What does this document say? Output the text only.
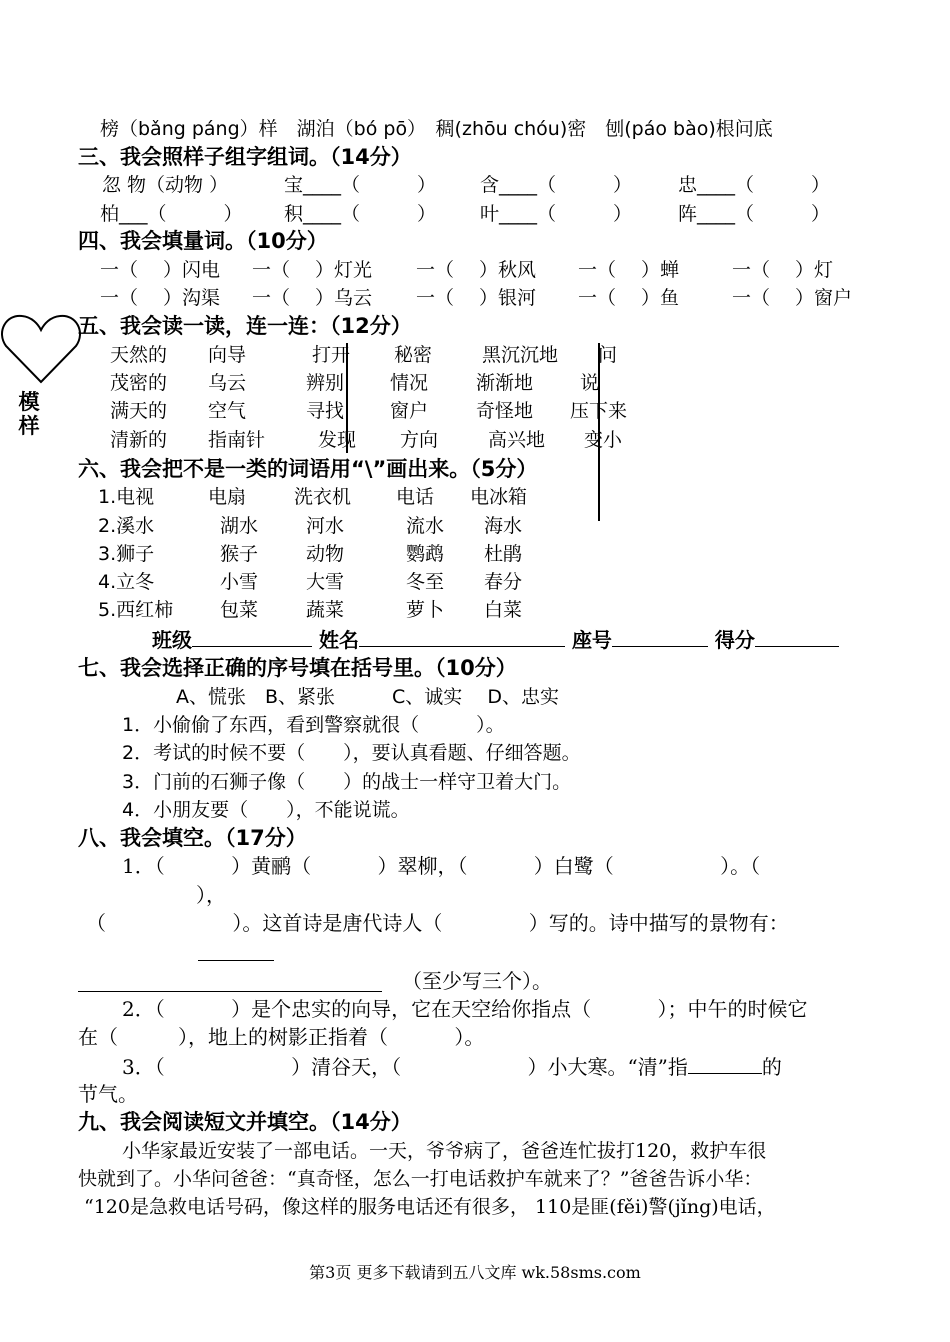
榜（bǎng páng）样　湖泊（bó pō）　稠(zhōu chóu)密　刨(páo bào)根问底
三、我会照样子组字组词。（14分）
忽 物（动物 ）	宝____（　　　） 含____（　　　） 忠____（　　　）
柏___（　　　） 积____（　　　） 叶____（　　　） 阵____（　　　）
四、我会填量词。（10分）
一（　 ）闪电 一（　 ）灯光 一（　 ）秋风 一（　 ）蝉	一（　 ）灯
一（　 ）沟渠 一（　 ）乌云 一（　 ）银河 一（　 ）鱼	一（　 ）窗户
模样
五、我会读一读，连一连：（12分）
天然的 向导	打开 秘密	黑沉沉地 问
茂密的 乌云	辨别 情况	渐渐地 说
满天的 空气	寻找 窗户	奇怪地 压下来
清新的 指南针	发现 方向	高兴地 变小
六、我会把不是一类的词语用“\”画出来。（5分）
1.电视	电扇	洗衣机 电话 电冰箱
2.溪水	湖水	河水	流水 海水
3.狮子	猴子	动物	鹦鹉 杜鹃
4.立冬	小雪	大雪	冬至 春分
5.西红柿 包菜	蔬菜	萝卜 白菜
班级	姓名	座号	得分
七、我会选择正确的序号填在括号里。（10分）
A、慌张　B、紧张　　　C、诚实　 D、忠实
1．小偷偷了东西，看到警察就很（　　　）。
2．考试的时候不要（　　），要认真看题、仔细答题。
3．门前的石狮子像（　　）的战士一样守卫着大门。
4．小朋友要（　　），不能说谎。
八、我会填空。（17分）
1．（　　　 ）黄鹂（　　　 ）翠柳，（　　　 ）白鹭（　　　　　 ）。（
），
（　　　　　　 ）。这首诗是唐代诗人（　　　　 ）写的。诗中描写的景物有：
（至少写三个）。
2．（　　　 ）是个忠实的向导，它在天空给你指点（　　　 ）；中午的时候它
在（　　　），地上的树影正指着（　　　 ）。
3．（　　　　　　 ）清谷天，（　　　　　　 ）小大寒。“清”指	的
节气。
九、我会阅读短文并填空。（14分）
小华家最近安装了一部电话。一天，爷爷病了，爸爸连忙拔打120，救护车很
快就到了。小华问爸爸：“真奇怪，怎么一打电话救护车就来了？”爸爸告诉小华：
“120是急救电话号码，像这样的服务电话还有很多， 110是匪(fěi)警(jǐng)电话，
第3页 更多下载请到五八文库 wk.58sms.com
